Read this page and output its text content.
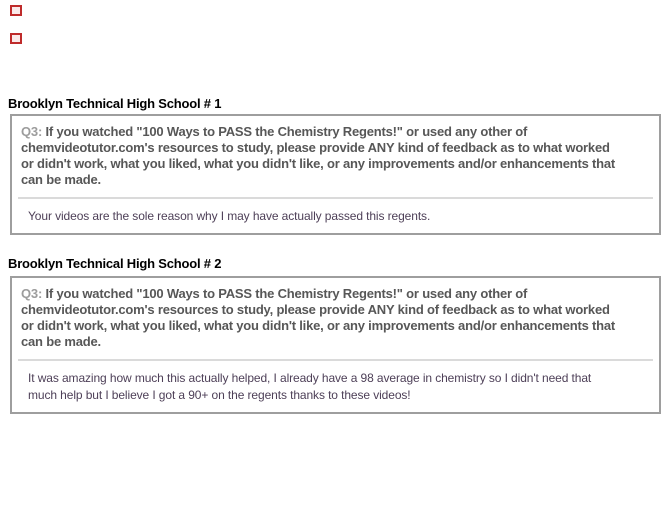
Brooklyn Technical High School # 1
Q3: If you watched "100 Ways to PASS the Chemistry Regents!" or used any other of
chemvideotutor.com's resources to study, please provide ANY kind of feedback as to what worked
or didn't work, what you liked, what you didn't like, or any improvements and/or enhancements that
can be made.
Your videos are the sole reason why I may have actually passed this regents.
Brooklyn Technical High School # 2
Q3: If you watched "100 Ways to PASS the Chemistry Regents!" or used any other of
chemvideotutor.com's resources to study, please provide ANY kind of feedback as to what worked
or didn't work, what you liked, what you didn't like, or any improvements and/or enhancements that
can be made.
It was amazing how much this actually helped, I already have a 98 average in chemistry so I didn't need that
much help but I believe I got a 90+ on the regents thanks to these videos!
